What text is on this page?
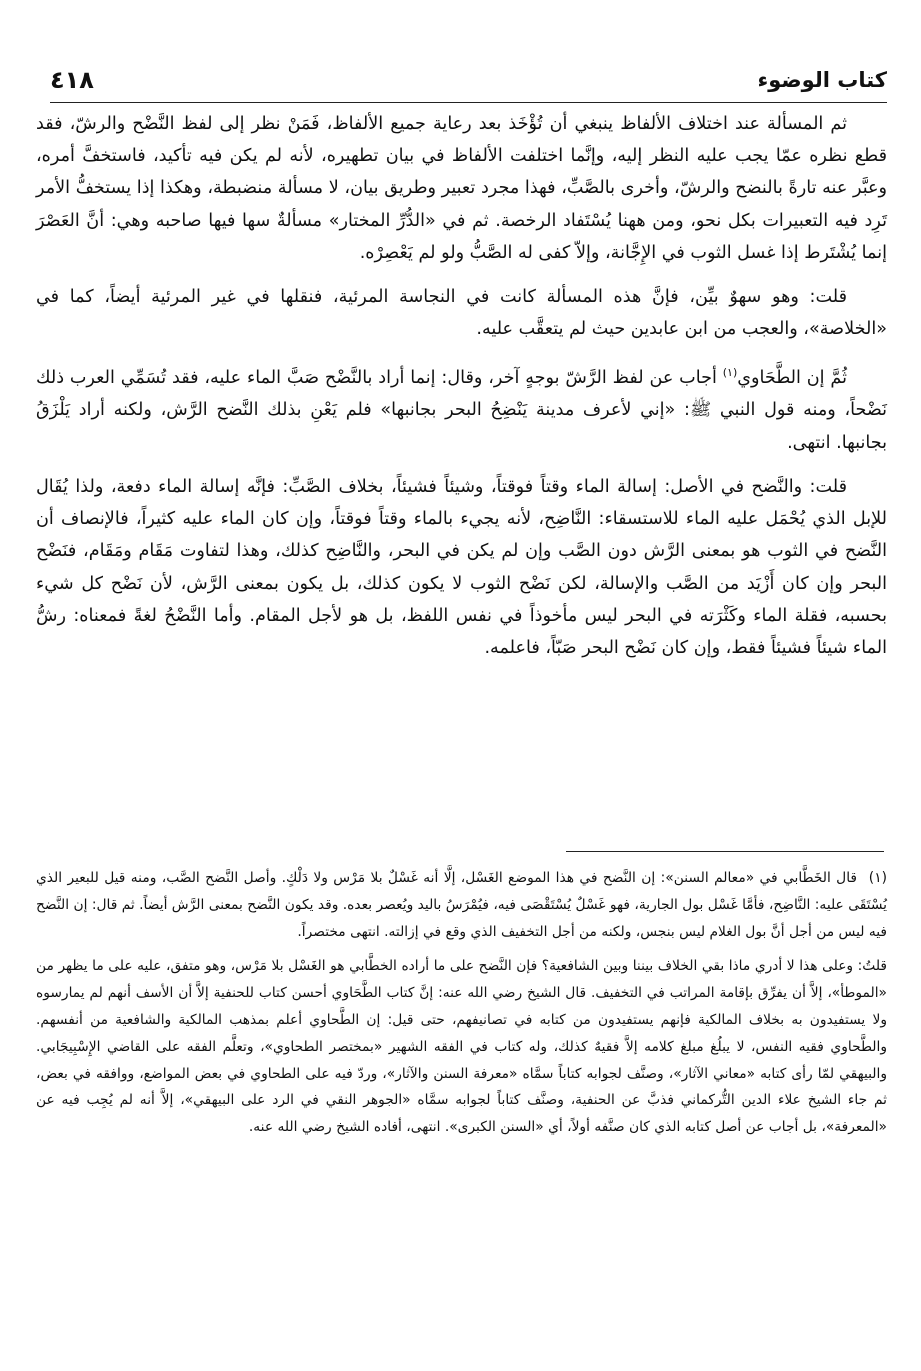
كتاب الوضوء
٤١٨

ثم المسألة عند اختلاف الألفاظ ينبغي أن تُؤْخَذ بعد رعاية جميع الألفاظ، فَمَنْ نظر إلى لفظ النَّضْح والرشّ، فقد قطع نظره عمّا يجب عليه النظر إليه، وإنَّما اختلفت الألفاظ في بيان تطهيره، لأنه لم يكن فيه تأكيد، فاستخفَّ أمره، وعبَّر عنه تارةً بالنضح والرشّ، وأخرى بالصَّبِّ، فهذا مجرد تعبير وطريق بيان، لا مسألة منضبطة، وهكذا إذا يستخفُّ الأمر تَرِد فيه التعبيرات بكل نحو، ومن ههنا يُسْتَفاد الرخصة. ثم في «الدُّرِّ المختار» مسألةٌ سها فيها صاحبه وهي: أنَّ العَصْرَ إنما يُشْتَرط إذا غسل الثوب في الإِجَّانة، وإلاّ كفى له الصَّبُّ ولو لم يَعْصِرْه.

قلت: وهو سهوٌ بيِّن، فإنَّ هذه المسألة كانت في النجاسة المرئية، فنقلها في غير المرئية أيضاً، كما في «الخلاصة»، والعجب من ابن عابدين حيث لم يتعقَّب عليه.

ثُمَّ إن الطَّحَاوي$^{(١)}$ أجاب عن لفظ الرَّشّ بوجهٍ آخر، وقال: إنما أراد بالنَّضْح صَبَّ الماء عليه، فقد تُسَمِّي العرب ذلك نَضْحاً، ومنه قول النبي ﷺ: «إني لأعرف مدينة يَنْضِحُ البحر بجانبها» فلم يَعْنِ بذلك النَّضح الرَّش، ولكنه أراد يَلْزَقُ بجانبها. انتهى.

قلت: والنَّضح في الأصل: إسالة الماء وقتاً فوقتاً، وشيئاً فشيئاً، بخلاف الصَّبِّ: فإنَّه إسالة الماء دفعة، ولذا يُقَال للإبل الذي يُحْمَل عليه الماء للاستسقاء: النَّاضِح، لأنه يجيء بالماء وقتاً فوقتاً، وإن كان الماء عليه كثيراً، فالإنصاف أن النَّضح في الثوب هو بمعنى الرَّش دون الصَّب وإن لم يكن في البحر، والنَّاضِح كذلك، وهذا لتفاوت مَقَام ومَقَام، فنَضْح البحر وإن كان أَزْيَد من الصَّب والإسالة، لكن نَضْح الثوب لا يكون كذلك، بل يكون بمعنى الرَّش، لأن نَضْح كل شيء بحسبه، فقلة الماء وكَثْرَته في البحر ليس مأخوذاً في نفس اللفظ، بل هو لأجل المقام. وأما النَّضْحُ لغةً فمعناه: رشُّ الماء شيئاً فشيئاً فقط، وإن كان نَضْح البحر صَبّاً، فاعلمه.

(١)قال الخَطَّابي في «معالم السنن»: إن النَّضح في هذا الموضع الغَسْل، إلَّا أنه غَسْلٌ بلا مَرْس ولا دَلْكٍ. وأصل النَّضح الصَّب، ومنه قيل للبعير الذي يُسْتَقَى عليه: النَّاضِح، فأمَّا غَسْل بول الجارية، فهو غَسْلٌ يُسْتَقْصَى فيه، فيُمْرَسُ باليد ويُعصر بعده. وقد يكون النَّضح بمعنى الرَّش أيضاً. ثم قال: إن النَّضح فيه ليس من أجل أنَّ بول الغلام ليس بنجس، ولكنه من أجل التخفيف الذي وقع في إزالته. انتهى مختصراً.

قلتُ: وعلى هذا لا أدري ماذا بقي الخلاف بيننا وبين الشافعية؟ فإن النَّضح على ما أراده الخطَّابي هو الغَسْل بلا مَرْس، وهو متفق، عليه على ما يظهر من «الموطأ»، إلاَّ أن يفرِّق بإقامة المراتب في التخفيف. قال الشيخ رضي الله عنه: إنَّ كتاب الطَّحَاوي أحسن كتاب للحنفية إلاَّ أن الأسف أنهم لم يمارسوه ولا يستفيدون به بخلاف المالكية فإنهم يستفيدون من كتابه في تصانيفهم، حتى قيل: إن الطَّحاوي أعلم بمذهب المالكية والشافعية من أنفسهم. والطَّحاوي فقيه النفس، لا يبلُغ مبلغ كلامه إلاَّ فقيهٌ كذلك، وله كتاب في الفقه الشهير «بمختصر الطحاوي»، وتعلَّم الفقه على القاضي الإِسْبِيجَابي. والبيهقي لمّا رأى كتابه «معاني الآثار»، وصنَّف لجوابه كتاباً سمَّاه «معرفة السنن والآثار»، وردّ فيه على الطحاوي في بعض المواضع، ووافقه في بعض، ثم جاء الشيخ علاء الدين التُّركماني فذبَّ عن الحنفية، وصنَّف كتاباً لجوابه سمَّاه «الجوهر النقي في الرد على البيهقي»، إلاَّ أنه لم يُجِب فيه عن «المعرفة»، بل أجاب عن أصل كتابه الذي كان صنَّفه أولاً، أي «السنن الكبرى». انتهى، أفاده الشيخ رضي الله عنه.
